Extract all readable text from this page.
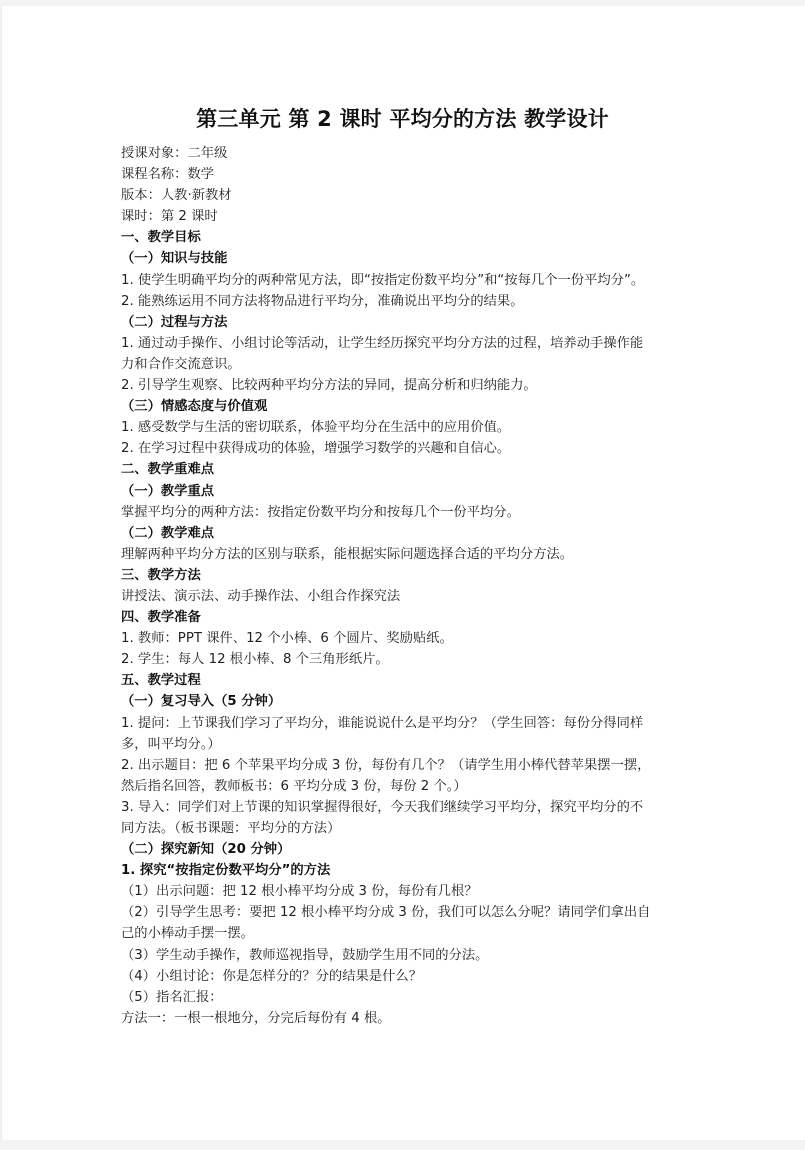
第三单元 第 2 课时 平均分的方法 教学设计
授课对象：二年级
课程名称：数学
版本：人教·新教材
课时：第 2 课时
一、教学目标
（一）知识与技能
1. 使学生明确平均分的两种常见方法，即“按指定份数平均分”和“按每几个一份平均分”。
2. 能熟练运用不同方法将物品进行平均分，准确说出平均分的结果。
（二）过程与方法
1. 通过动手操作、小组讨论等活动，让学生经历探究平均分方法的过程，培养动手操作能
力和合作交流意识。
2. 引导学生观察、比较两种平均分方法的异同，提高分析和归纳能力。
（三）情感态度与价值观
1. 感受数学与生活的密切联系，体验平均分在生活中的应用价值。
2. 在学习过程中获得成功的体验，增强学习数学的兴趣和自信心。
二、教学重难点
（一）教学重点
掌握平均分的两种方法：按指定份数平均分和按每几个一份平均分。
（二）教学难点
理解两种平均分方法的区别与联系，能根据实际问题选择合适的平均分方法。
三、教学方法
讲授法、演示法、动手操作法、小组合作探究法
四、教学准备
1. 教师：PPT 课件、12 个小棒、6 个圆片、奖励贴纸。
2. 学生：每人 12 根小棒、8 个三角形纸片。
五、教学过程
（一）复习导入（5 分钟）
1. 提问：上节课我们学习了平均分，谁能说说什么是平均分？（学生回答：每份分得同样
多，叫平均分。）
2. 出示题目：把 6 个苹果平均分成 3 份，每份有几个？（请学生用小棒代替苹果摆一摆，
然后指名回答，教师板书：6 平均分成 3 份，每份 2 个。）
3. 导入：同学们对上节课的知识掌握得很好，今天我们继续学习平均分，探究平均分的不
同方法。（板书课题：平均分的方法）
（二）探究新知（20 分钟）
1. 探究“按指定份数平均分”的方法
（1）出示问题：把 12 根小棒平均分成 3 份，每份有几根？
（2）引导学生思考：要把 12 根小棒平均分成 3 份，我们可以怎么分呢？请同学们拿出自
己的小棒动手摆一摆。
（3）学生动手操作，教师巡视指导，鼓励学生用不同的分法。
（4）小组讨论：你是怎样分的？分的结果是什么？
（5）指名汇报：
方法一：一根一根地分，分完后每份有 4 根。
